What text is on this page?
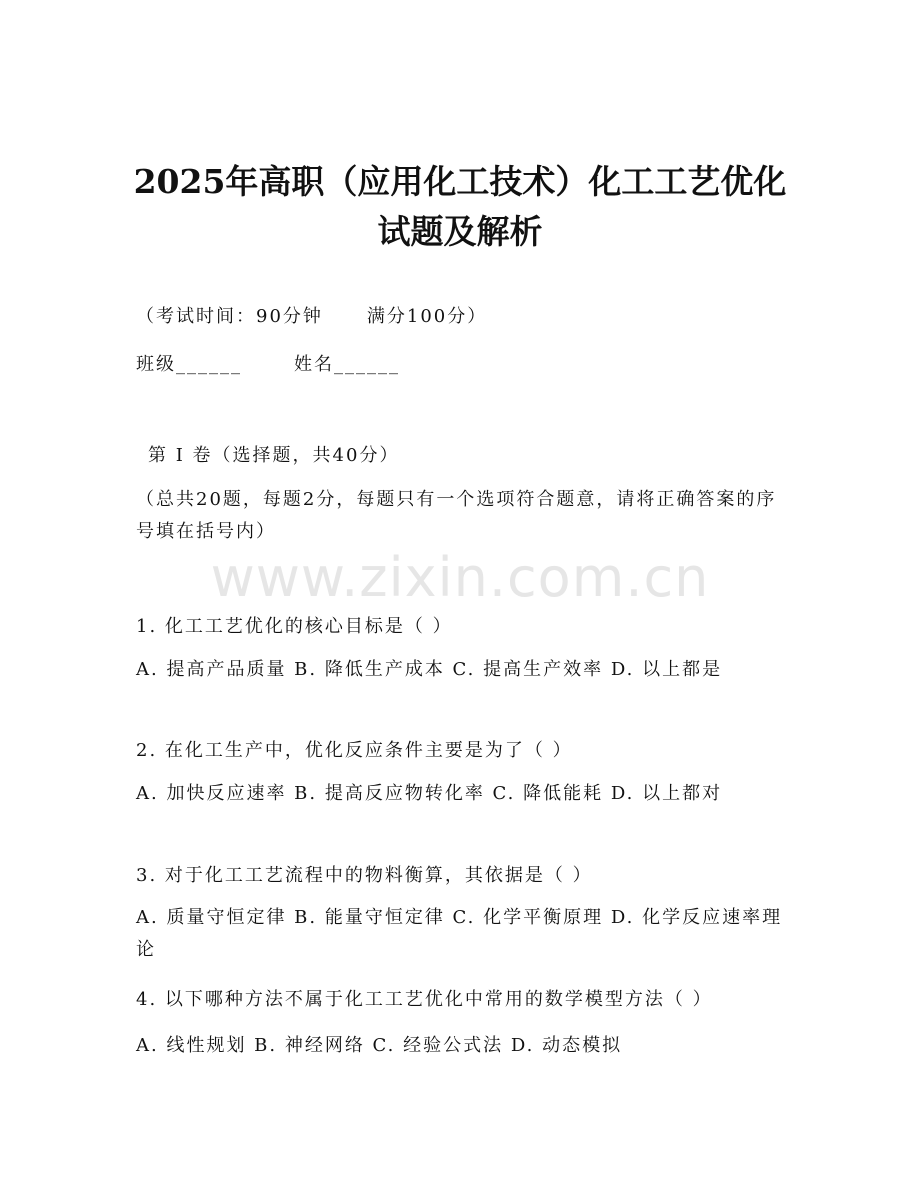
2025年高职（应用化工技术）化工工艺优化
试题及解析
（考试时间：90分钟 满分100分）
班级______	姓名______
第 I 卷（选择题，共40分）
（总共20题，每题2分，每题只有一个选项符合题意，请将正确答案的序号填在括号内）
www.zixin.com.cn
1. 化工工艺优化的核心目标是（ ）
A. 提高产品质量 B. 降低生产成本 C. 提高生产效率 D. 以上都是
2. 在化工生产中，优化反应条件主要是为了（ ）
A. 加快反应速率 B. 提高反应物转化率 C. 降低能耗 D. 以上都对
3. 对于化工工艺流程中的物料衡算，其依据是（ ）
A. 质量守恒定律 B. 能量守恒定律 C. 化学平衡原理 D. 化学反应速率理论
4. 以下哪种方法不属于化工工艺优化中常用的数学模型方法（ ）
A. 线性规划 B. 神经网络 C. 经验公式法 D. 动态模拟
